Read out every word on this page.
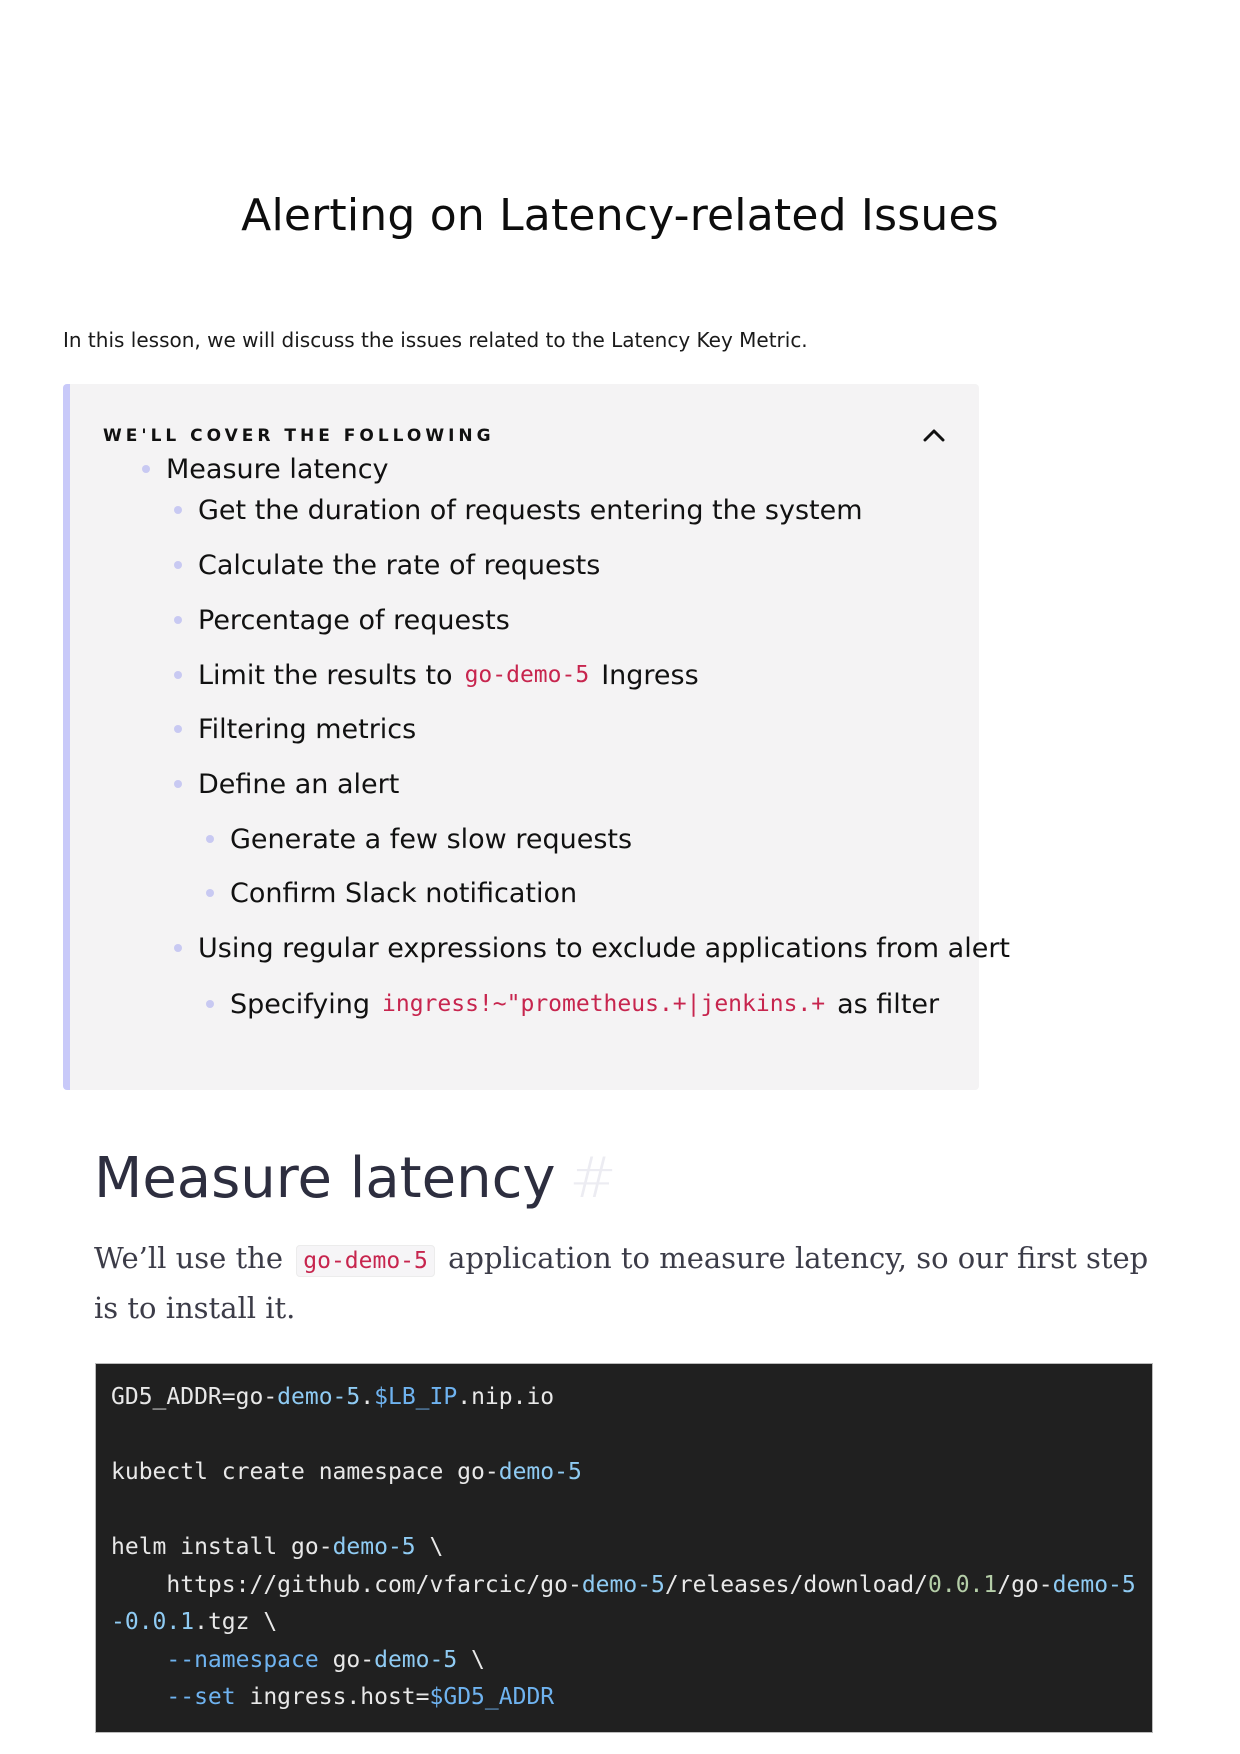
Alerting on Latency-related Issues

In this lesson, we will discuss the issues related to the Latency Key Metric.

WE'LL COVER THE FOLLOWING
Measure latency
Get the duration of requests entering the system
Calculate the rate of requests
Percentage of requests
Limit the results to go-demo-5 Ingress
Filtering metrics
Define an alert
Generate a few slow requests
Confirm Slack notification
Using regular expressions to exclude applications from alert
Specifying ingress!~"prometheus.+|jenkins.+ as filter
Measure latency #

We’ll use the go-demo-5 application to measure latency, so our first step is to install it.

GD5_ADDR=go-demo-5.$LB_IP.nip.io
kubectl create namespace go-demo-5
helm install go-demo-5 \
https://github.com/vfarcic/go-demo-5/releases/download/0.0.1/go-demo-5
-0.0.1.tgz \
--namespace go-demo-5 \
--set ingress.host=$GD5_ADDR
